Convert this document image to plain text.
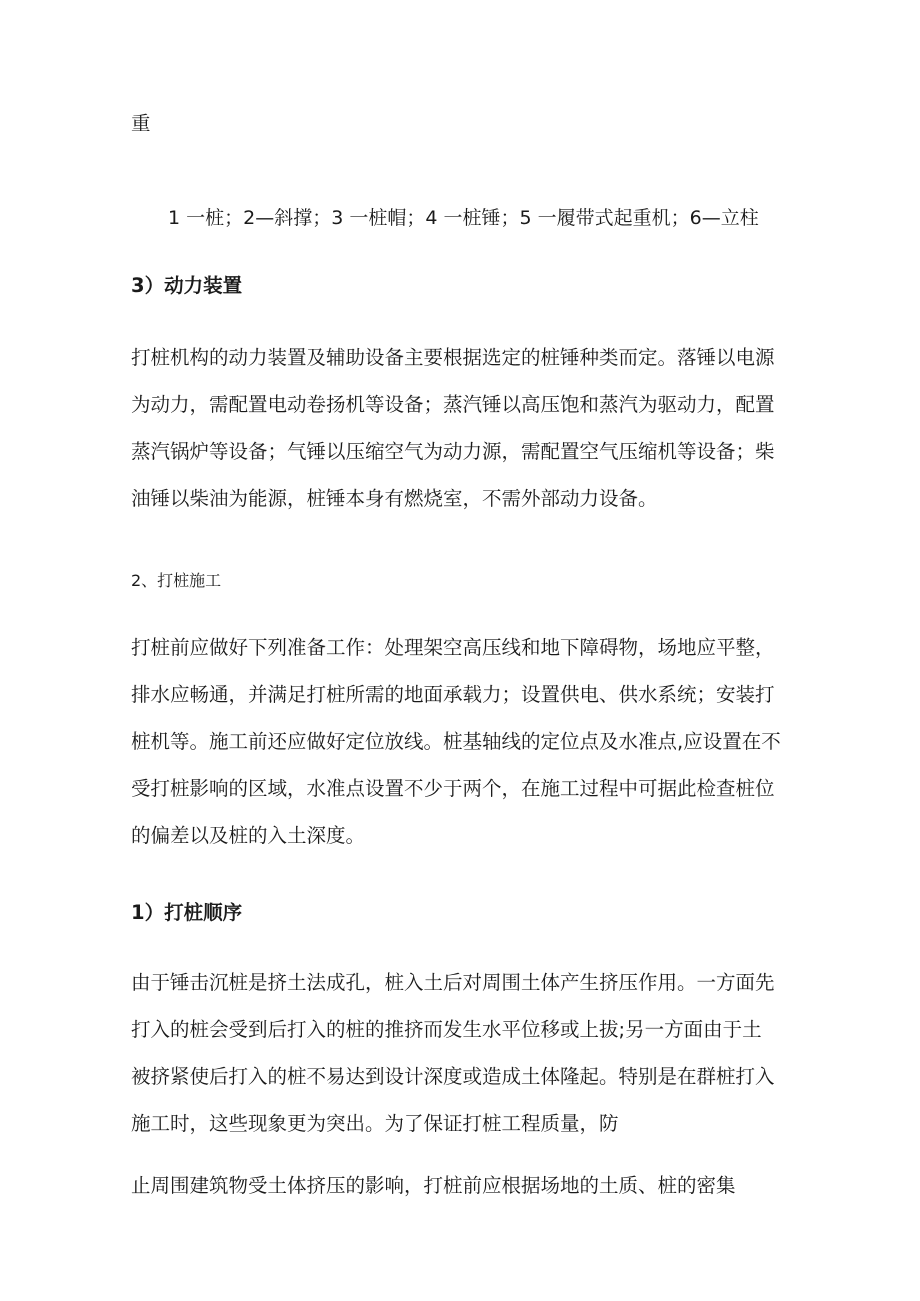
重
1 一桩；2—斜撑；3 一桩帽；4 一桩锤；5 一履带式起重机；6—立柱
3）动力装置
打桩机构的动力装置及辅助设备主要根据选定的桩锤种类而定。落锤以电源
为动力，需配置电动卷扬机等设备；蒸汽锤以高压饱和蒸汽为驱动力，配置
蒸汽锅炉等设备；气锤以压缩空气为动力源，需配置空气压缩机等设备；柴
油锤以柴油为能源，桩锤本身有燃烧室，不需外部动力设备。
2、打桩施工
打桩前应做好下列准备工作：处理架空高压线和地下障碍物，场地应平整，
排水应畅通，并满足打桩所需的地面承载力；设置供电、供水系统；安装打
桩机等。施工前还应做好定位放线。桩基轴线的定位点及水准点,应设置在不
受打桩影响的区域，水准点设置不少于两个，在施工过程中可据此检查桩位
的偏差以及桩的入土深度。
1）打桩顺序
由于锤击沉桩是挤土法成孔，桩入土后对周围土体产生挤压作用。一方面先
打入的桩会受到后打入的桩的推挤而发生水平位移或上拔;另一方面由于土
被挤紧使后打入的桩不易达到设计深度或造成土体隆起。特别是在群桩打入
施工时，这些现象更为突出。为了保证打桩工程质量，防
止周围建筑物受土体挤压的影响，打桩前应根据场地的土质、桩的密集
